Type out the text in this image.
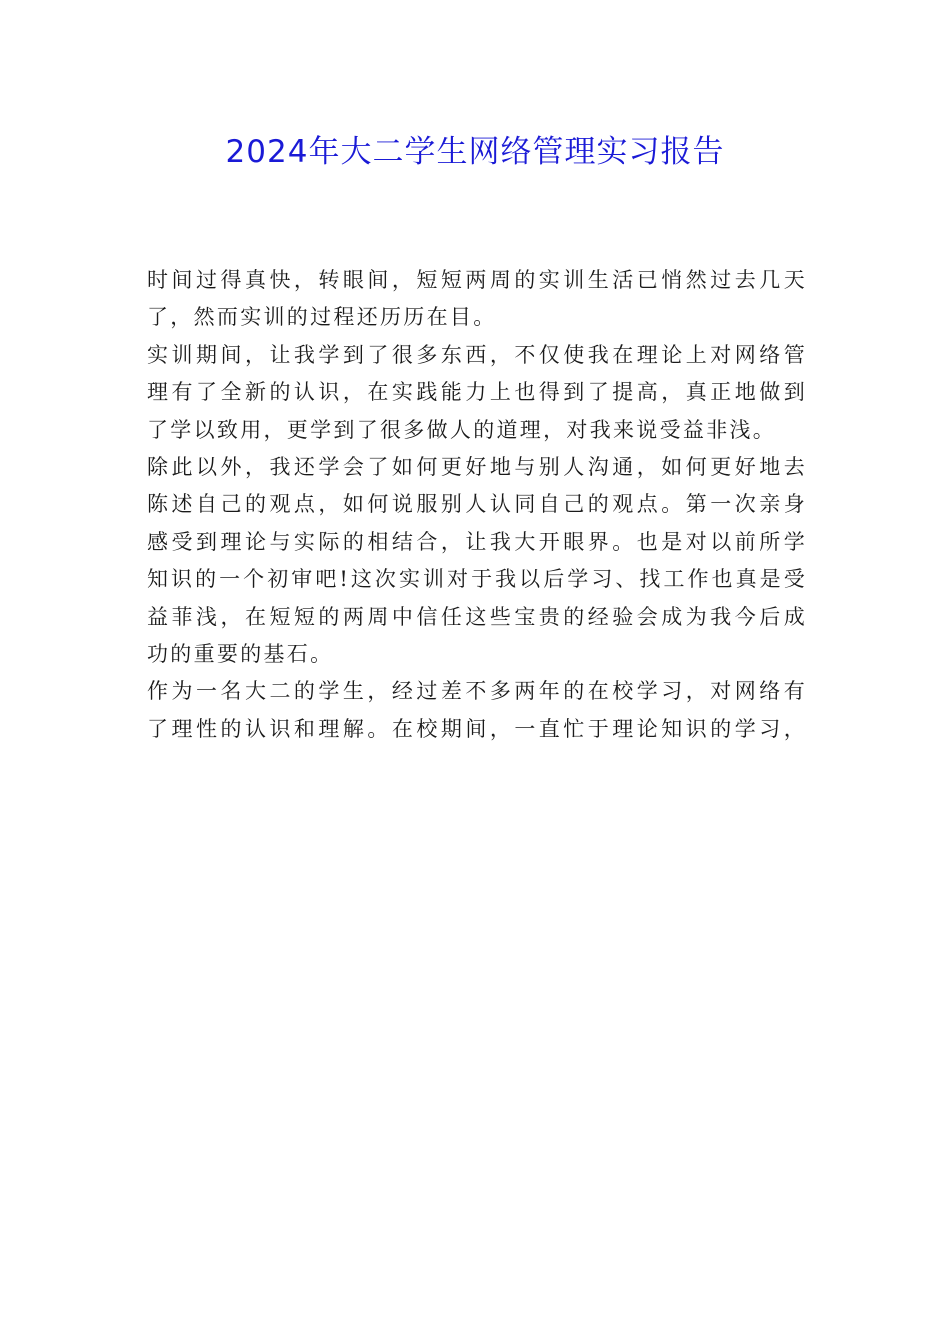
2024年大二学生网络管理实习报告
时间过得真快，转眼间，短短两周的实训生活已悄然过去几天
了，然而实训的过程还历历在目。
实训期间，让我学到了很多东西，不仅使我在理论上对网络管
理有了全新的认识，在实践能力上也得到了提高，真正地做到
了学以致用，更学到了很多做人的道理，对我来说受益非浅。
除此以外，我还学会了如何更好地与别人沟通，如何更好地去
陈述自己的观点，如何说服别人认同自己的观点。第一次亲身
感受到理论与实际的相结合，让我大开眼界。也是对以前所学
知识的一个初审吧!这次实训对于我以后学习、找工作也真是受
益菲浅，在短短的两周中信任这些宝贵的经验会成为我今后成
功的重要的基石。
作为一名大二的学生，经过差不多两年的在校学习，对网络有
了理性的认识和理解。在校期间，一直忙于理论知识的学习，
